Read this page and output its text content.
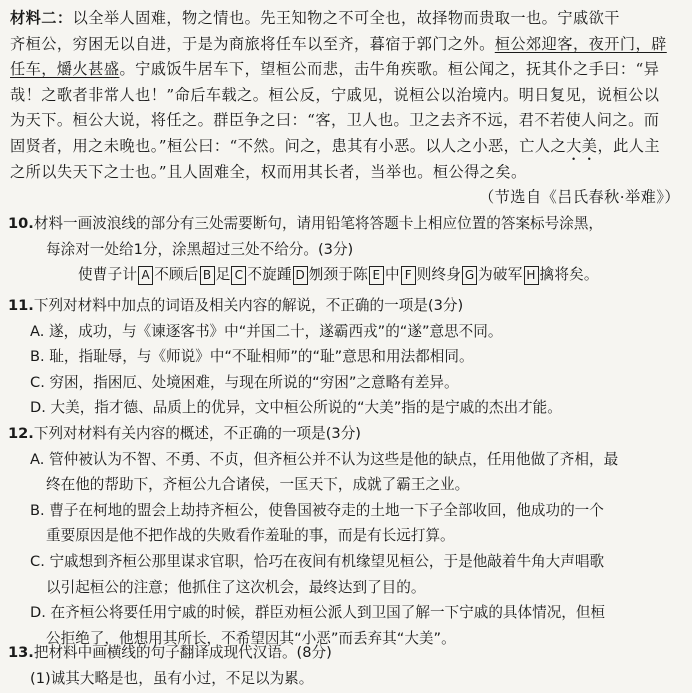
材料二：以全举人固难，物之情也。先王知物之不可全也，故择物而贵取一也。宁戚欲干
齐桓公，穷困无以自进，于是为商旅将任车以至齐，暮宿于郭门之外。桓公郊迎客，夜开门，辟
任车，爝火甚盛。宁戚饭牛居车下，望桓公而悲，击牛角疾歌。桓公闻之，抚其仆之手曰：“异
哉！之歌者非常人也！”命后车载之。桓公反，宁戚见，说桓公以治境内。明日复见，说桓公以
为天下。桓公大说，将任之。群臣争之曰：“客，卫人也。卫之去齐不远，君不若使人问之。而
固贤者，用之未晚也。”桓公曰：“不然。问之，患其有小恶。以人之小恶，亡人之大美，此人主
之所以失天下之士也。”且人固难全，权而用其长者，当举也。桓公得之矣。
（节选自《吕氏春秋·举难》）
10.材料一画波浪线的部分有三处需要断句，请用铅笔将答题卡上相应位置的答案标号涂黑，
每涂对一处给1分，涂黑超过三处不给分。(3分)
使曹子计 A 不顾后 B 足 C 不旋踵 D 刎颈于陈 E 中 F 则终身 G 为破军 H 擒将矣。
11.下列对材料中加点的词语及相关内容的解说，不正确的一项是(3分)
A. 遂，成功，与《谏逐客书》中“并国二十，遂霸西戎”的“遂”意思不同。
B. 耻，指耻辱，与《师说》中“不耻相师”的“耻”意思和用法都相同。
C. 穷困，指困厄、处境困难，与现在所说的“穷困”之意略有差异。
D. 大美，指才德、品质上的优异，文中桓公所说的“大美”指的是宁戚的杰出才能。
12.下列对材料有关内容的概述，不正确的一项是(3分)
A. 管仲被认为不智、不勇、不贞，但齐桓公并不认为这些是他的缺点，任用他做了齐相，最
终在他的帮助下，齐桓公九合诸侯，一匡天下，成就了霸王之业。
B. 曹子在柯地的盟会上劫持齐桓公，使鲁国被夺走的土地一下子全部收回，他成功的一个
重要原因是他不把作战的失败看作羞耻的事，而是有长远打算。
C. 宁戚想到齐桓公那里谋求官职，恰巧在夜间有机缘望见桓公，于是他敲着牛角大声唱歌
以引起桓公的注意；他抓住了这次机会，最终达到了目的。
D. 在齐桓公将要任用宁戚的时候，群臣劝桓公派人到卫国了解一下宁戚的具体情况，但桓
公拒绝了，他想用其所长，不希望因其“小恶”而丢弃其“大美”。
13.把材料中画横线的句子翻译成现代汉语。(8分)
(1)诚其大略是也，虽有小过，不足以为累。
